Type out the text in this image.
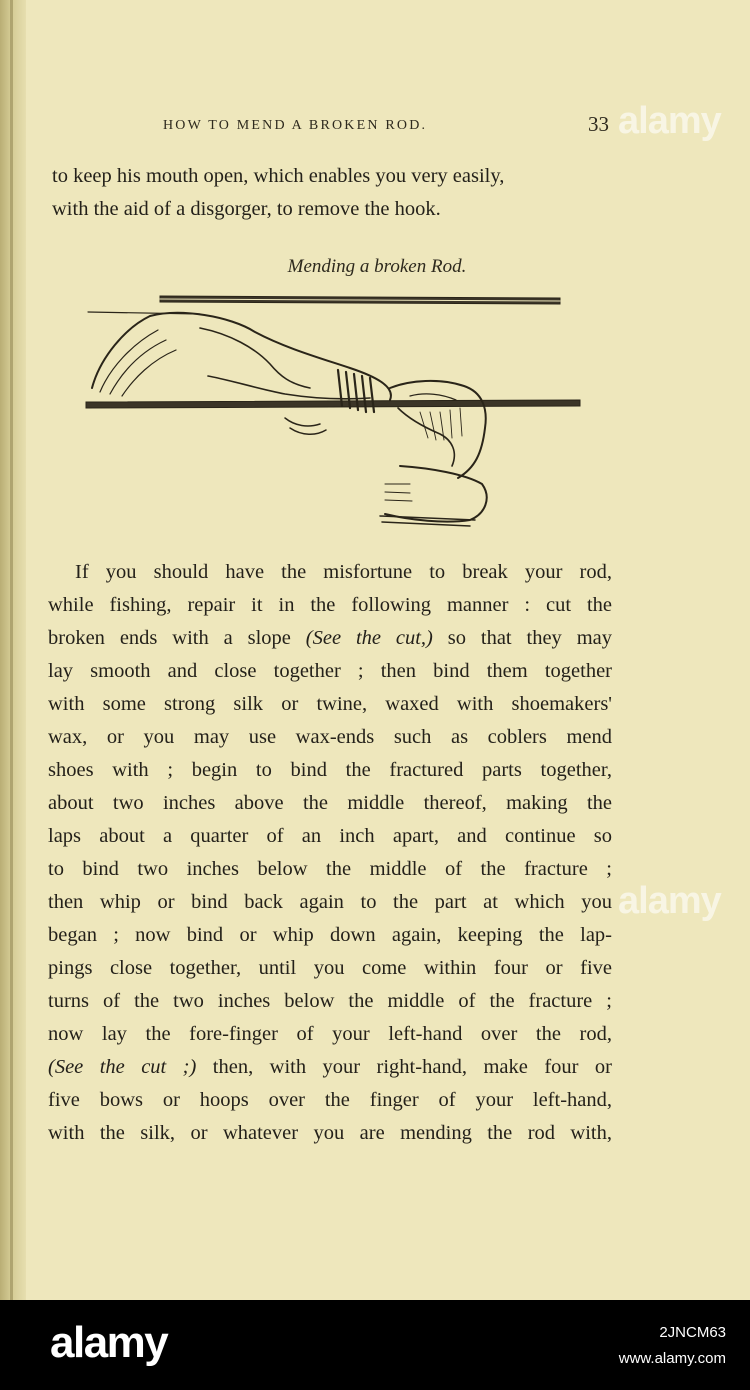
HOW TO MEND A BROKEN ROD.	33
to keep his mouth open, which enables you very easily,
with the aid of a disgorger, to remove the hook.
Mending a broken Rod.
If you should have the misfortune to break your rod,
while fishing, repair it in the following manner : cut the
broken ends with a slope (See the cut,) so that they may
lay smooth and close together ; then bind them together
with some strong silk or twine, waxed with shoemakers'
wax, or you may use wax-ends such as coblers mend
shoes with ; begin to bind the fractured parts together,
about two inches above the middle thereof, making the
laps about a quarter of an inch apart, and continue so
to bind two inches below the middle of the fracture ;
then whip or bind back again to the part at which you
began ; now bind or whip down again, keeping the lap-
pings close together, until you come within four or five
turns of the two inches below the middle of the fracture ;
now lay the fore-finger of your left-hand over the rod,
(See the cut ;) then, with your right-hand, make four or
five bows or hoops over the finger of your left-hand,
with the silk, or whatever you are mending the rod with,
alamy
alamy
alamy	2JNCM63
www.alamy.com
